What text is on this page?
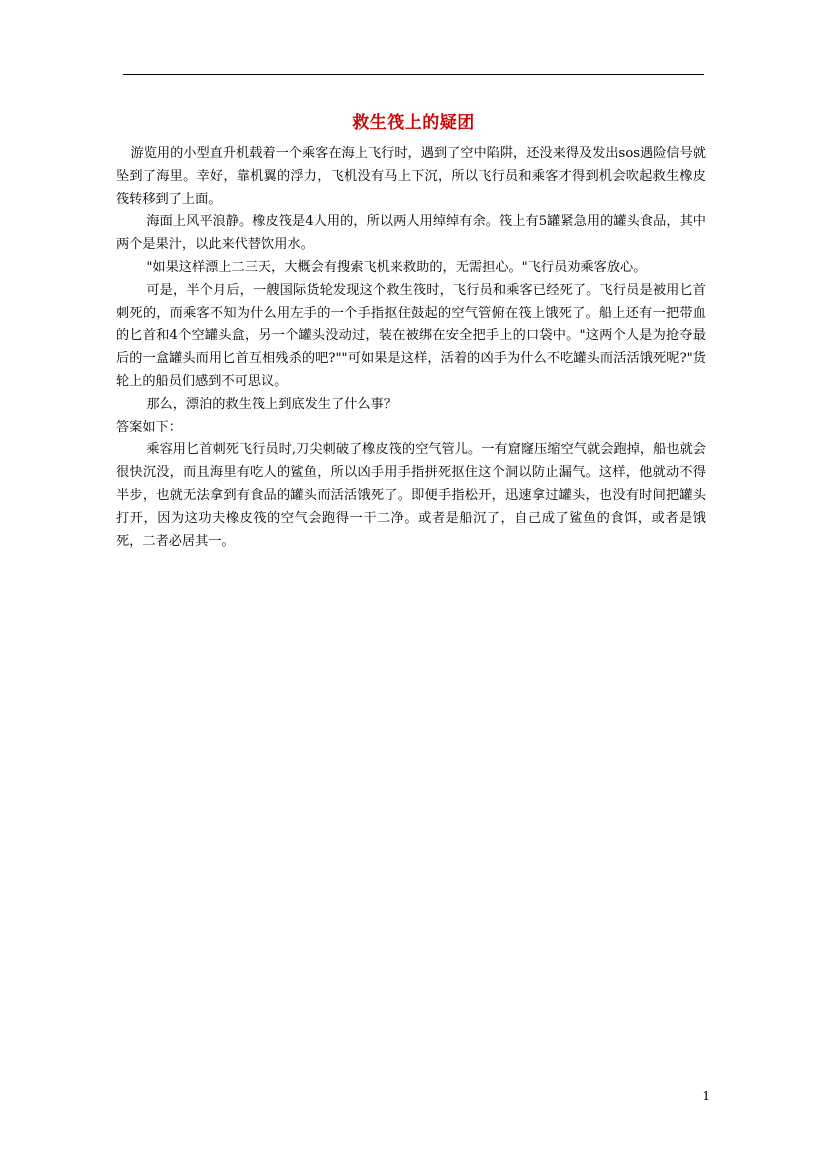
救生筏上的疑团

游览用的小型直升机载着一个乘客在海上飞行时，遇到了空中陷阱，还没来得及发出sos遇险信号就坠到了海里。幸好，靠机翼的浮力，飞机没有马上下沉，所以飞行员和乘客才得到机会吹起救生橡皮筏转移到了上面。

海面上风平浪静。橡皮筏是4人用的，所以两人用绰绰有余。筏上有5罐紧急用的罐头食品，其中两个是果汁，以此来代替饮用水。

"如果这样漂上二三天，大概会有搜索飞机来救助的，无需担心。"飞行员劝乘客放心。

可是，半个月后，一艘国际货轮发现这个救生筏时，飞行员和乘客已经死了。飞行员是被用匕首刺死的，而乘客不知为什么用左手的一个手指抠住鼓起的空气管俯在筏上饿死了。船上还有一把带血的匕首和4个空罐头盒，另一个罐头没动过，装在被绑在安全把手上的口袋中。"这两个人是为抢夺最后的一盒罐头而用匕首互相残杀的吧?""可如果是这样，活着的凶手为什么不吃罐头而活活饿死呢?"货轮上的船员们感到不可思议。

那么，漂泊的救生筏上到底发生了什么事？

答案如下：

乘容用匕首刺死飞行员时,刀尖刺破了橡皮筏的空气管儿。一有窟窿压缩空气就会跑掉，船也就会很快沉没，而且海里有吃人的鲨鱼，所以凶手用手指拼死抠住这个洞以防止漏气。这样，他就动不得半步，也就无法拿到有食品的罐头而活活饿死了。即便手指松开，迅速拿过罐头，也没有时间把罐头打开，因为这功夫橡皮筏的空气会跑得一干二净。或者是船沉了，自己成了鲨鱼的食饵，或者是饿死，二者必居其一。

1
